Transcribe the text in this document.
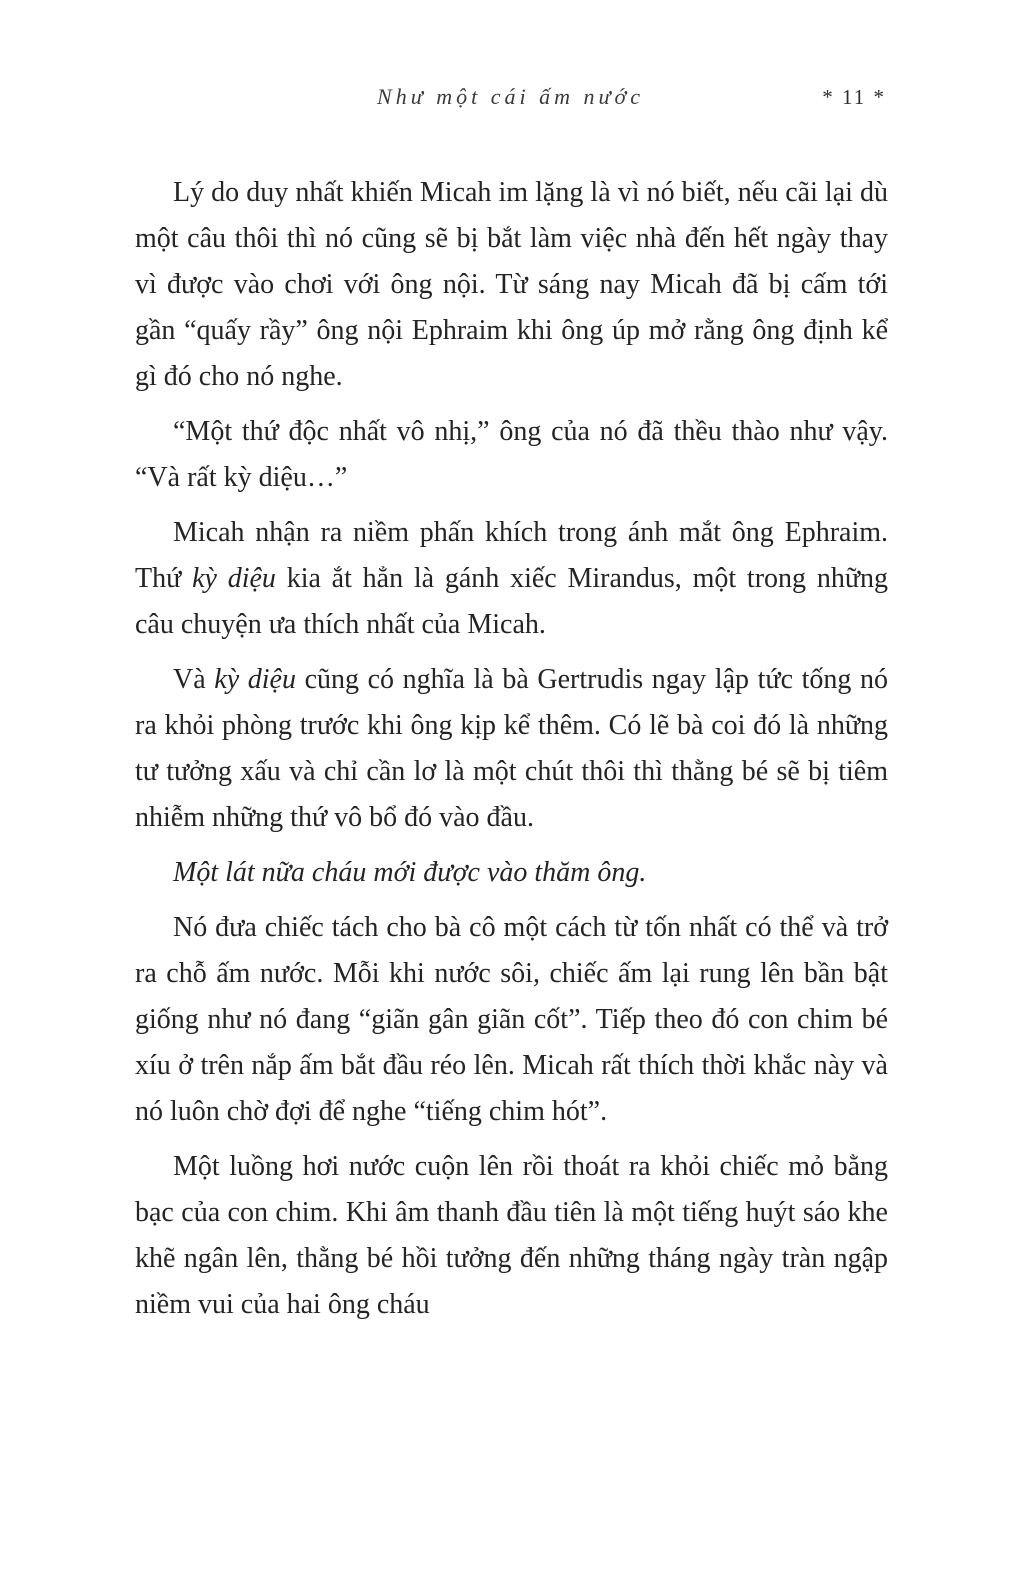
Như một cái ấm nước	* 11 *

Lý do duy nhất khiến Micah im lặng là vì nó biết, nếu cãi lại dù một câu thôi thì nó cũng sẽ bị bắt làm việc nhà đến hết ngày thay vì được vào chơi với ông nội. Từ sáng nay Micah đã bị cấm tới gần “quấy rầy” ông nội Ephraim khi ông úp mở rằng ông định kể gì đó cho nó nghe.

“Một thứ độc nhất vô nhị,” ông của nó đã thều thào như vậy. “Và rất kỳ diệu…”

Micah nhận ra niềm phấn khích trong ánh mắt ông Ephraim. Thứ kỳ diệu kia ắt hẳn là gánh xiếc Mirandus, một trong những câu chuyện ưa thích nhất của Micah.

Và kỳ diệu cũng có nghĩa là bà Gertrudis ngay lập tức tống nó ra khỏi phòng trước khi ông kịp kể thêm. Có lẽ bà coi đó là những tư tưởng xấu và chỉ cần lơ là một chút thôi thì thằng bé sẽ bị tiêm nhiễm những thứ vô bổ đó vào đầu.

Một lát nữa cháu mới được vào thăm ông.

Nó đưa chiếc tách cho bà cô một cách từ tốn nhất có thể và trở ra chỗ ấm nước. Mỗi khi nước sôi, chiếc ấm lại rung lên bần bật giống như nó đang “giãn gân giãn cốt”. Tiếp theo đó con chim bé xíu ở trên nắp ấm bắt đầu réo lên. Micah rất thích thời khắc này và nó luôn chờ đợi để nghe “tiếng chim hót”.

Một luồng hơi nước cuộn lên rồi thoát ra khỏi chiếc mỏ bằng bạc của con chim. Khi âm thanh đầu tiên là một tiếng huýt sáo khe khẽ ngân lên, thằng bé hồi tưởng đến những tháng ngày tràn ngập niềm vui của hai ông cháu
